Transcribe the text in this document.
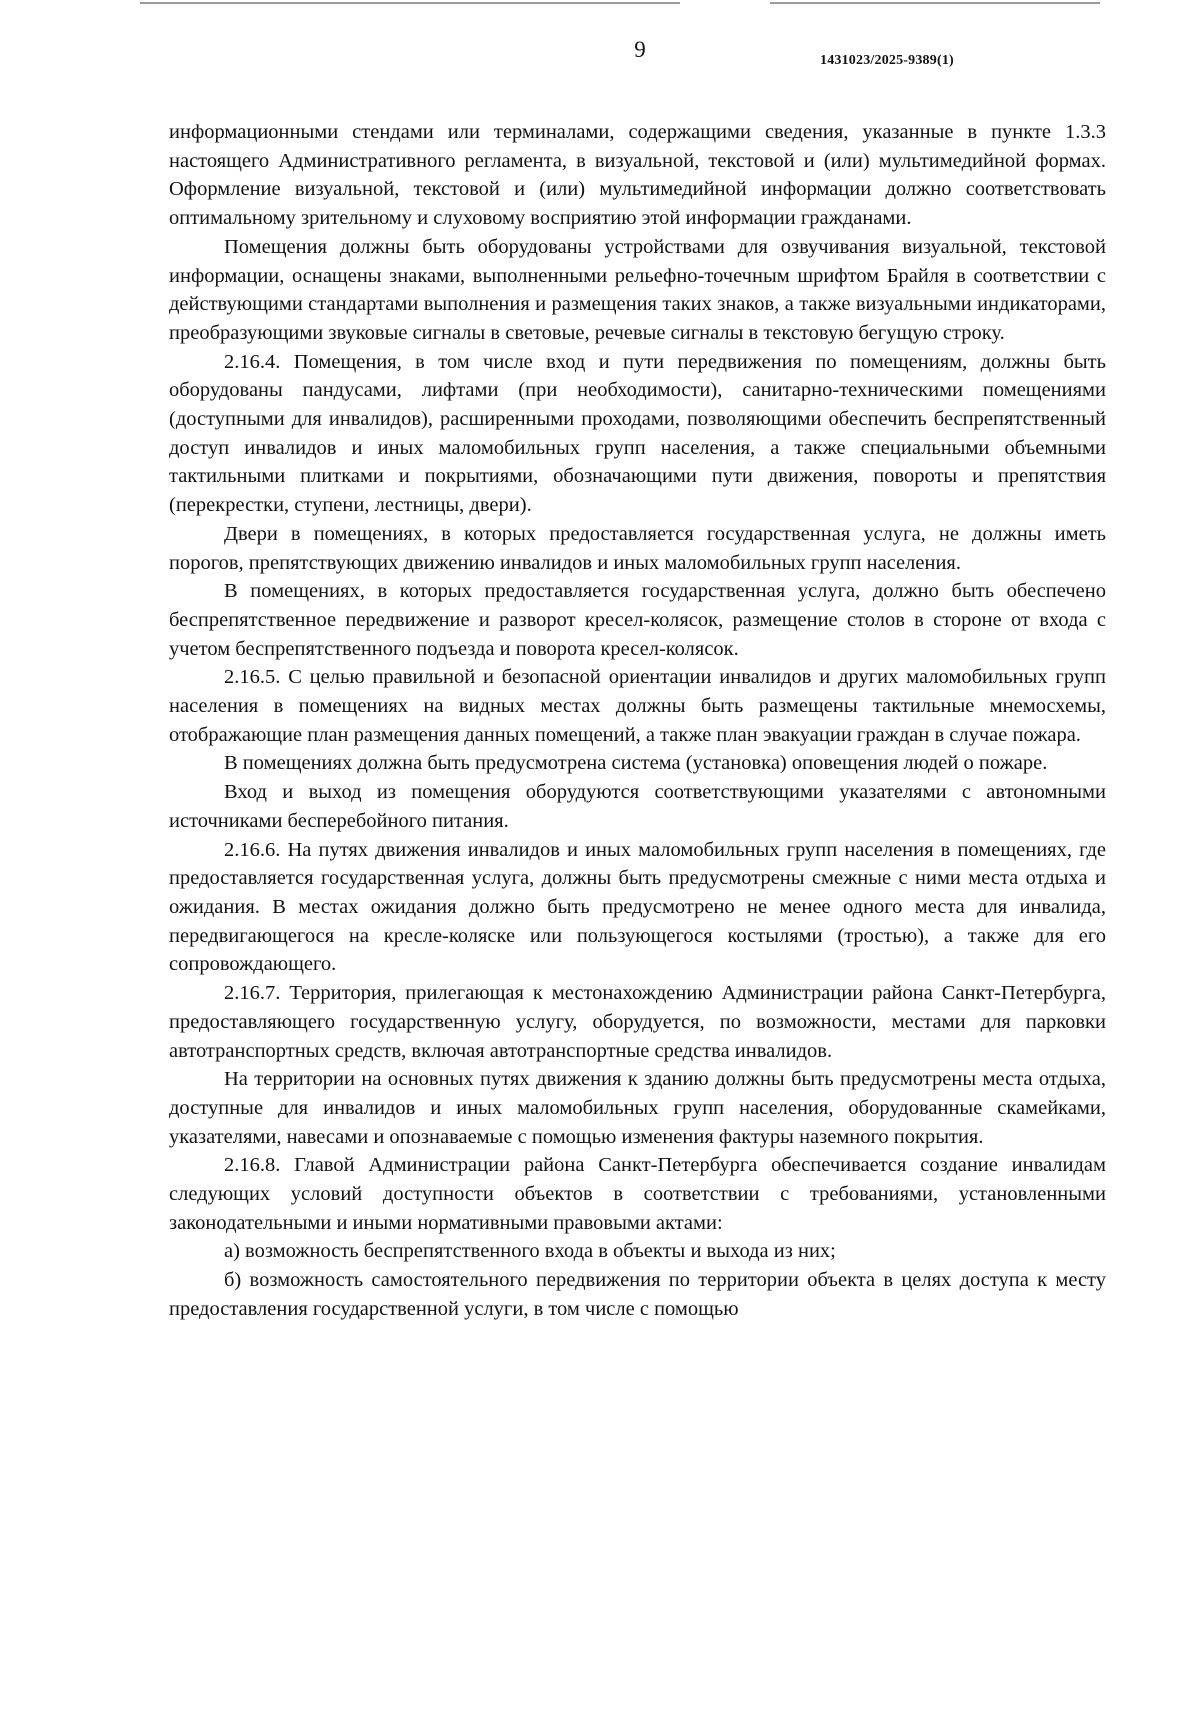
9	1431023/2025-9389(1)

информационными стендами или терминалами, содержащими сведения, указанные в пункте 1.3.3 настоящего Административного регламента, в визуальной, текстовой и (или) мультимедийной формах. Оформление визуальной, текстовой и (или) мультимедийной информации должно соответствовать оптимальному зрительному и слуховому восприятию этой информации гражданами.

Помещения должны быть оборудованы устройствами для озвучивания визуальной, текстовой информации, оснащены знаками, выполненными рельефно-точечным шрифтом Брайля в соответствии с действующими стандартами выполнения и размещения таких знаков, а также визуальными индикаторами, преобразующими звуковые сигналы в световые, речевые сигналы в текстовую бегущую строку.

2.16.4. Помещения, в том числе вход и пути передвижения по помещениям, должны быть оборудованы пандусами, лифтами (при необходимости), санитарно-техническими помещениями (доступными для инвалидов), расширенными проходами, позволяющими обеспечить беспрепятственный доступ инвалидов и иных маломобильных групп населения, а также специальными объемными тактильными плитками и покрытиями, обозначающими пути движения, повороты и препятствия (перекрестки, ступени, лестницы, двери).

Двери в помещениях, в которых предоставляется государственная услуга, не должны иметь порогов, препятствующих движению инвалидов и иных маломобильных групп населения.

В помещениях, в которых предоставляется государственная услуга, должно быть обеспечено беспрепятственное передвижение и разворот кресел-колясок, размещение столов в стороне от входа с учетом беспрепятственного подъезда и поворота кресел-колясок.

2.16.5. С целью правильной и безопасной ориентации инвалидов и других маломобильных групп населения в помещениях на видных местах должны быть размещены тактильные мнемосхемы, отображающие план размещения данных помещений, а также план эвакуации граждан в случае пожара.

В помещениях должна быть предусмотрена система (установка) оповещения людей о пожаре.

Вход и выход из помещения оборудуются соответствующими указателями с автономными источниками бесперебойного питания.

2.16.6. На путях движения инвалидов и иных маломобильных групп населения в помещениях, где предоставляется государственная услуга, должны быть предусмотрены смежные с ними места отдыха и ожидания. В местах ожидания должно быть предусмотрено не менее одного места для инвалида, передвигающегося на кресле-коляске или пользующегося костылями (тростью), а также для его сопровождающего.

2.16.7. Территория, прилегающая к местонахождению Администрации района Санкт-Петербурга, предоставляющего государственную услугу, оборудуется, по возможности, местами для парковки автотранспортных средств, включая автотранспортные средства инвалидов.

На территории на основных путях движения к зданию должны быть предусмотрены места отдыха, доступные для инвалидов и иных маломобильных групп населения, оборудованные скамейками, указателями, навесами и опознаваемые с помощью изменения фактуры наземного покрытия.

2.16.8. Главой Администрации района Санкт-Петербурга обеспечивается создание инвалидам следующих условий доступности объектов в соответствии с требованиями, установленными законодательными и иными нормативными правовыми актами:

а) возможность беспрепятственного входа в объекты и выхода из них;

б) возможность самостоятельного передвижения по территории объекта в целях доступа к месту предоставления государственной услуги, в том числе с помощью
